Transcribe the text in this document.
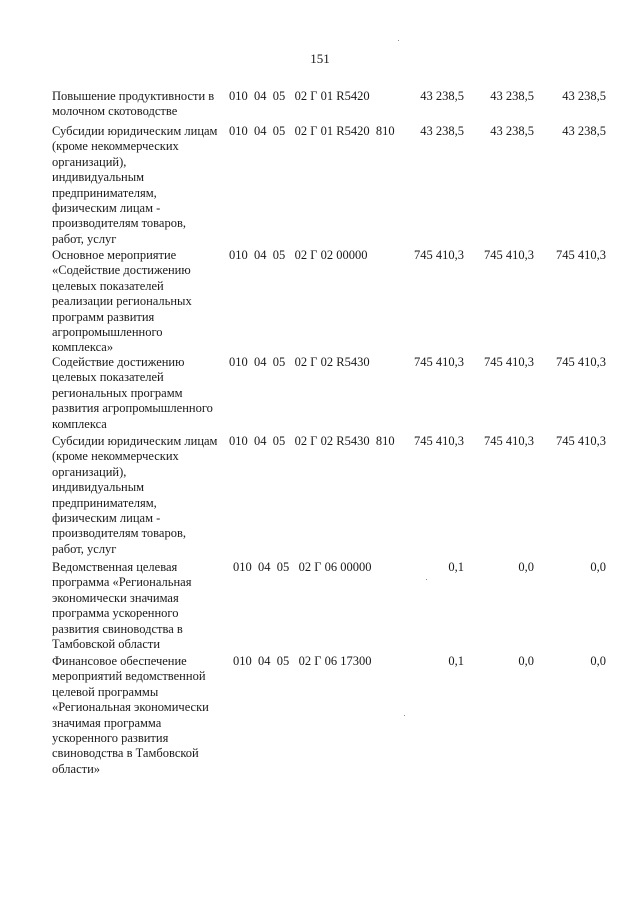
151
Повышение продуктивности в
молочном скотоводстве
010  04  05   02 Г 01 R5420	43 238,5 43 238,5 43 238,5
Субсидии юридическим лицам
(кроме некоммерческих
организаций),
индивидуальным
предпринимателям,
физическим лицам -
производителям товаров,
работ, услуг
010  04  05   02 Г 01 R5420  810 43 238,5 43 238,5 43 238,5
Основное мероприятие
«Содействие достижению
целевых показателей
реализации региональных
программ развития
агропромышленного
комплекса»
010  04  05   02 Г 02 00000	745 410,3 745 410,3 745 410,3
Содействие достижению
целевых показателей
региональных программ
развития агропромышленного
комплекса
010  04  05   02 Г 02 R5430	745 410,3 745 410,3 745 410,3
Субсидии юридическим лицам
(кроме некоммерческих
организаций),
индивидуальным
предпринимателям,
физическим лицам -
производителям товаров,
работ, услуг
010  04  05   02 Г 02 R5430  810 745 410,3 745 410,3 745 410,3
Ведомственная целевая
программа «Региональная
экономически значимая
программа ускоренного
развития свиноводства в
Тамбовской области
010  04  05   02 Г 06 00000	0,1	0,0	0,0
Финансовое обеспечение
мероприятий ведомственной
целевой программы
«Региональная экономически
значимая программа
ускоренного развития
свиноводства в Тамбовской
области»
010  04  05   02 Г 06 17300	0,1	0,0	0,0
